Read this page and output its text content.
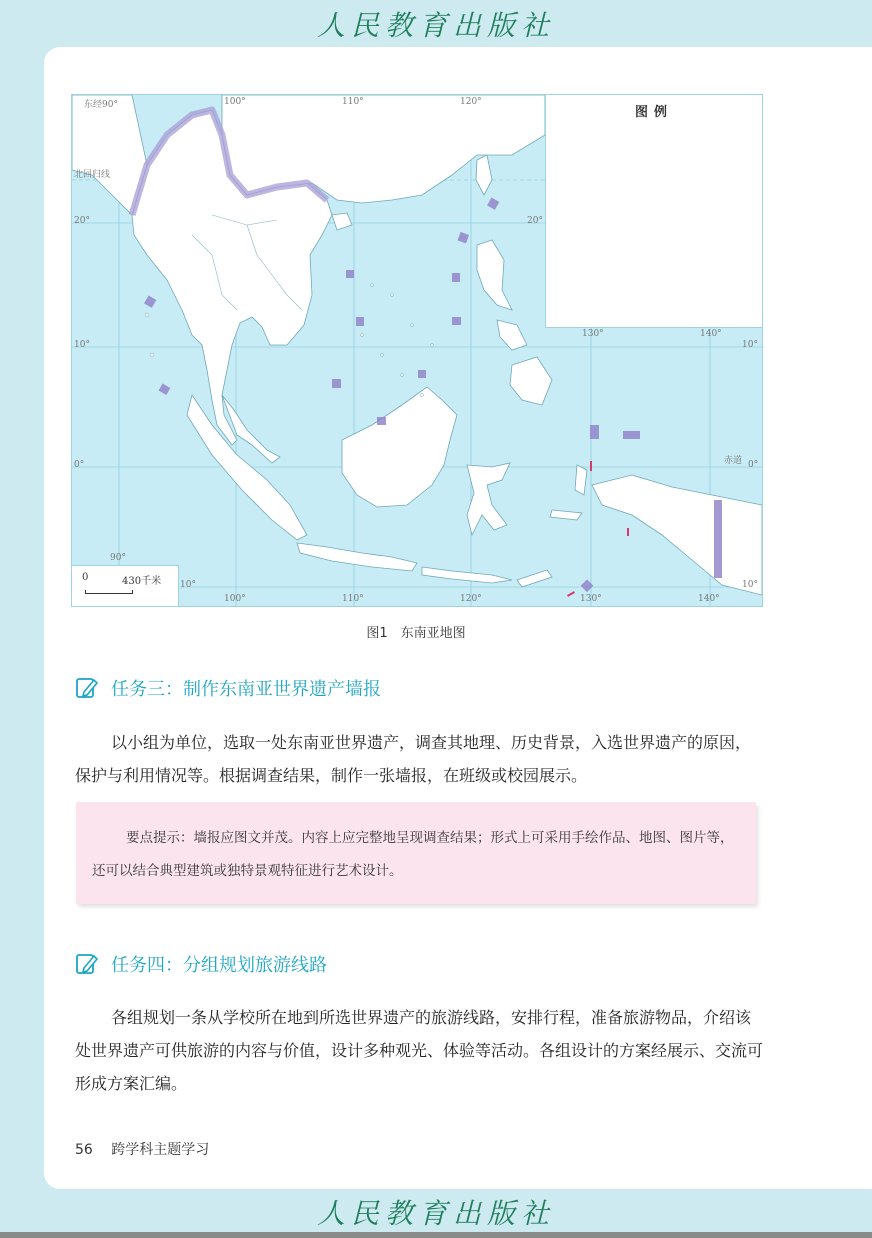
人民教育出版社
图例
东经90°	100°	110°	120°
130°	140°
100°	110°	120°	130°	140°
90°
北回归线
20°
10°
0°
10°
20°
10°
赤道 0°
10°
0	430千米
图1　东南亚地图
任务三：制作东南亚世界遗产墙报

以小组为单位，选取一处东南亚世界遗产，调查其地理、历史背景，入选世界遗产的原因，保护与利用情况等。根据调查结果，制作一张墙报，在班级或校园展示。

要点提示：墙报应图文并茂。内容上应完整地呈现调查结果；形式上可采用手绘作品、地图、图片等，还可以结合典型建筑或独特景观特征进行艺术设计。

任务四：分组规划旅游线路

各组规划一条从学校所在地到所选世界遗产的旅游线路，安排行程，准备旅游物品，介绍该处世界遗产可供旅游的内容与价值，设计多种观光、体验等活动。各组设计的方案经展示、交流可形成方案汇编。

56 跨学科主题学习
人民教育出版社
